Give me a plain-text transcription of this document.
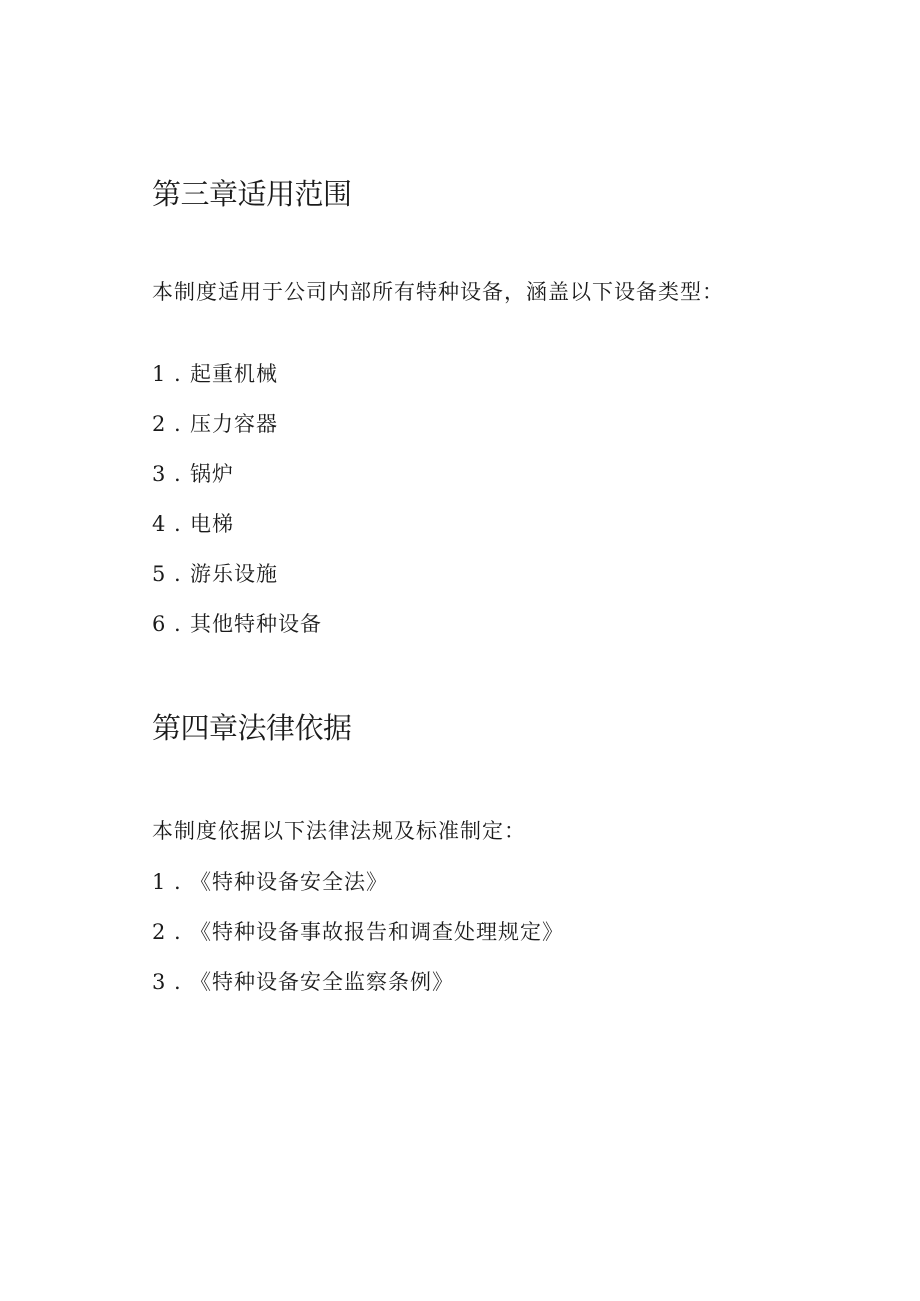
第三章适用范围
本制度适用于公司内部所有特种设备，涵盖以下设备类型：
1 . 起重机械
2 . 压力容器
3 . 锅炉
4 . 电梯
5 . 游乐设施
6 . 其他特种设备
第四章法律依据
本制度依据以下法律法规及标准制定：
1 . 《特种设备安全法》
2 . 《特种设备事故报告和调查处理规定》
3 . 《特种设备安全监察条例》
